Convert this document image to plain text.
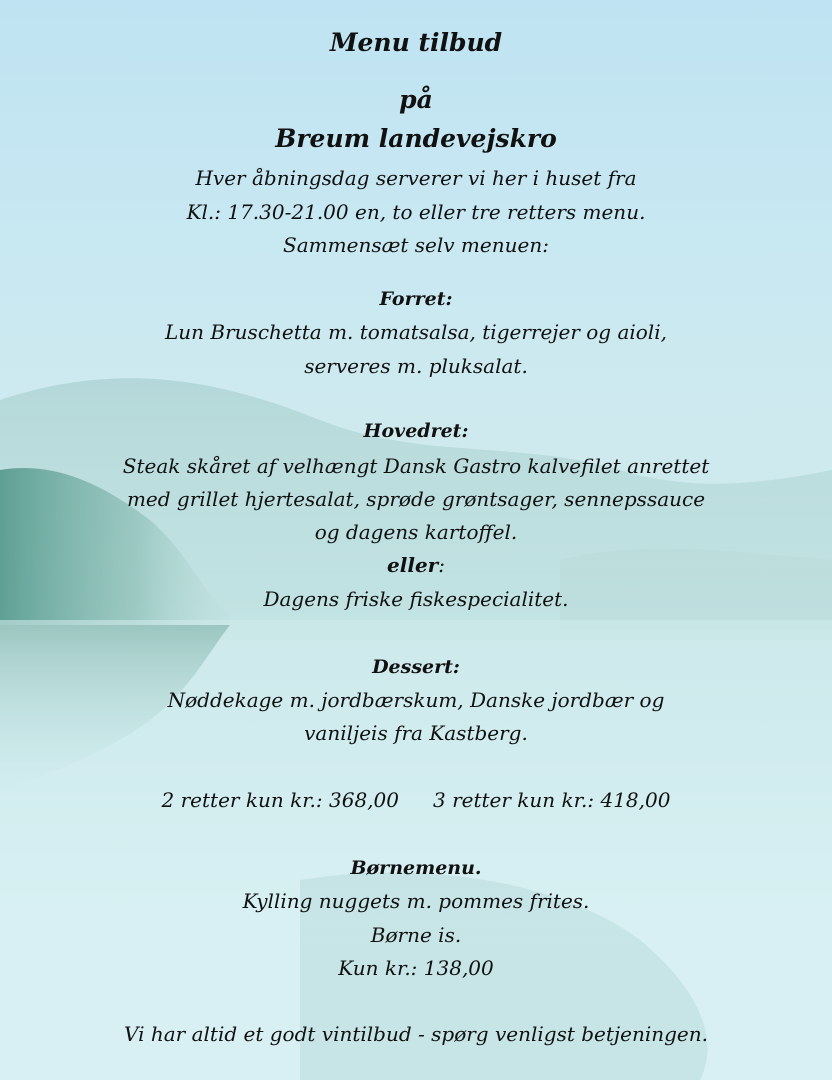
Menu tilbud
på
Breum landevejskro
Hver åbningsdag serverer vi her i huset fra
Kl.: 17.30-21.00 en, to eller tre retters menu.
Sammensæt selv menuen:
Forret:
Lun Bruschetta m. tomatsalsa, tigerrejer og aioli,
serveres m. pluksalat.
Hovedret:
Steak skåret af velhængt Dansk Gastro kalvefilet anrettet
med grillet hjertesalat, sprøde grøntsager, sennepssauce
og dagens kartoffel.
eller:
Dagens friske fiskespecialitet.
Dessert:
Nøddekage m. jordbærskum, Danske jordbær og
vaniljeis fra Kastberg.
2 retter kun kr.: 368,00 3 retter kun kr.: 418,00
Børnemenu.
Kylling nuggets m. pommes frites.
Børne is.
Kun kr.: 138,00
Vi har altid et godt vintilbud - spørg venligst betjeningen.
